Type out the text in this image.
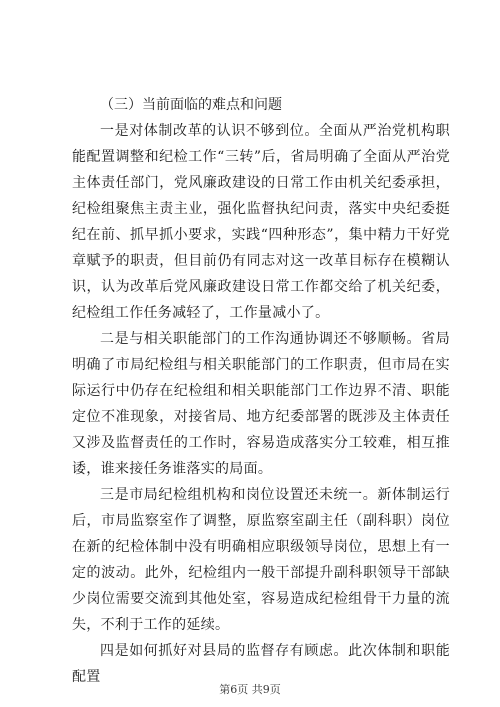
（三）当前面临的难点和问题

一是对体制改革的认识不够到位。全面从严治党机构职能配置调整和纪检工作“三转”后，省局明确了全面从严治党主体责任部门，党风廉政建设的日常工作由机关纪委承担，纪检组聚焦主责主业，强化监督执纪问责，落实中央纪委挺纪在前、抓早抓小要求，实践“四种形态”，集中精力干好党章赋予的职责，但目前仍有同志对这一改革目标存在模糊认识，认为改革后党风廉政建设日常工作都交给了机关纪委，纪检组工作任务减轻了，工作量减小了。

二是与相关职能部门的工作沟通协调还不够顺畅。省局明确了市局纪检组与相关职能部门的工作职责，但市局在实际运行中仍存在纪检组和相关职能部门工作边界不清、职能定位不准现象，对接省局、地方纪委部署的既涉及主体责任又涉及监督责任的工作时，容易造成落实分工较难，相互推诿，谁来接任务谁落实的局面。

三是市局纪检组机构和岗位设置还未统一。新体制运行后，市局监察室作了调整，原监察室副主任（副科职）岗位在新的纪检体制中没有明确相应职级领导岗位，思想上有一定的波动。此外，纪检组内一般干部提升副科职领导干部缺少岗位需要交流到其他处室，容易造成纪检组骨干力量的流失，不利于工作的延续。

四是如何抓好对县局的监督存有顾虑。此次体制和职能配置

第6页 共9页
